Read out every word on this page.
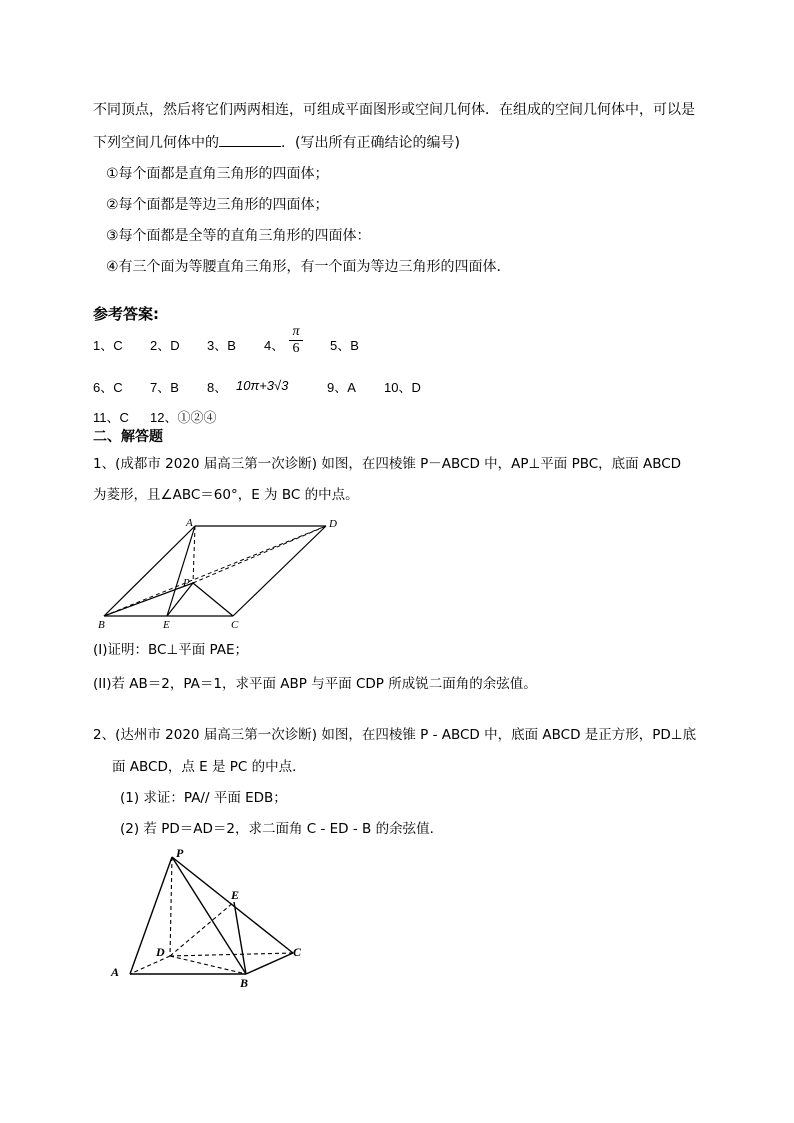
不同顶点，然后将它们两两相连，可组成平面图形或空间几何体．在组成的空间几何体中，可以是
下列空间几何体中的	．(写出所有正确结论的编号)
①每个面都是直角三角形的四面体；
②每个面都是等边三角形的四面体；
③每个面都是全等的直角三角形的四面体：
④有三个面为等腰直角三角形，有一个面为等边三角形的四面体．
参考答案:
1、C 2、D 3、B 4、
π
6	5、B
6、C 7、B 8、 10π+3√3	9、A 10、D
11、C 12、①②④
二、解答题
1、(成都市 2020 届高三第一次诊断) 如图，在四棱锥 P－ABCD 中，AP⊥平面 PBC，底面 ABCD
为菱形，且∠ABC＝60°，E 为 BC 的中点。
A	D
P
B	E	C
(I)证明：BC⊥平面 PAE；
(II)若 AB＝2，PA＝1，求平面 ABP 与平面 CDP 所成锐二面角的余弦值。
2、(达州市 2020 届高三第一次诊断) 如图，在四棱锥 P - ABCD 中，底面 ABCD 是正方形，PD⊥底
面 ABCD，点 E 是 PC 的中点．
(1) 求证：PA// 平面 EDB；
(2) 若 PD＝AD＝2，求二面角 C - ED - B 的余弦值．
P
E
D	C
A
B
